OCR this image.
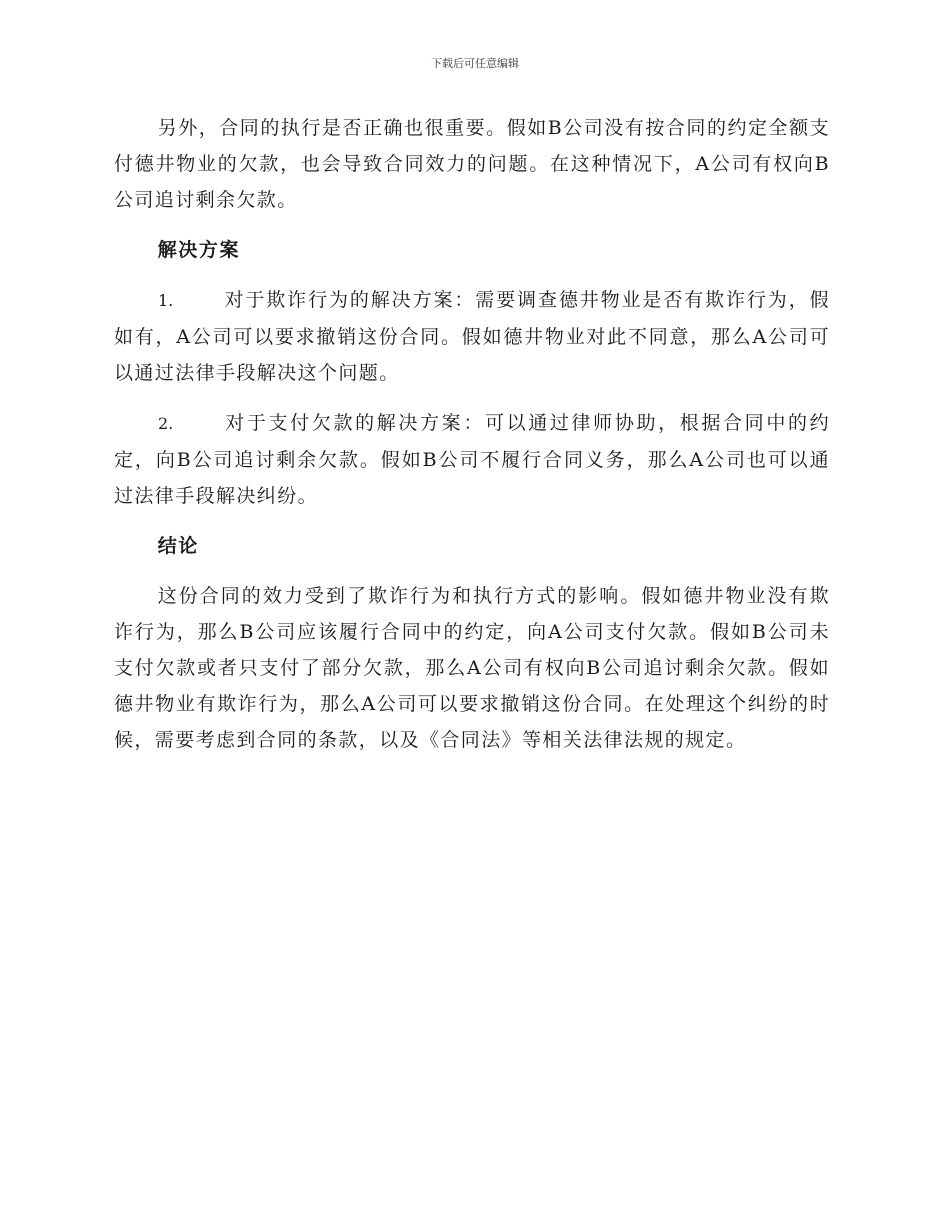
下载后可任意编辑

另外，合同的执行是否正确也很重要。假如B公司没有按合同的约定全额支付德井物业的欠款，也会导致合同效力的问题。在这种情况下，A公司有权向B公司追讨剩余欠款。

解决方案

1.	对于欺诈行为的解决方案：需要调查德井物业是否有欺诈行为，假如有，A公司可以要求撤销这份合同。假如德井物业对此不同意，那么A公司可以通过法律手段解决这个问题。

2.	对于支付欠款的解决方案：可以通过律师协助，根据合同中的约定，向B公司追讨剩余欠款。假如B公司不履行合同义务，那么A公司也可以通过法律手段解决纠纷。

结论

这份合同的效力受到了欺诈行为和执行方式的影响。假如德井物业没有欺诈行为，那么B公司应该履行合同中的约定，向A公司支付欠款。假如B公司未支付欠款或者只支付了部分欠款，那么A公司有权向B公司追讨剩余欠款。假如德井物业有欺诈行为，那么A公司可以要求撤销这份合同。在处理这个纠纷的时候，需要考虑到合同的条款，以及《合同法》等相关法律法规的规定。
